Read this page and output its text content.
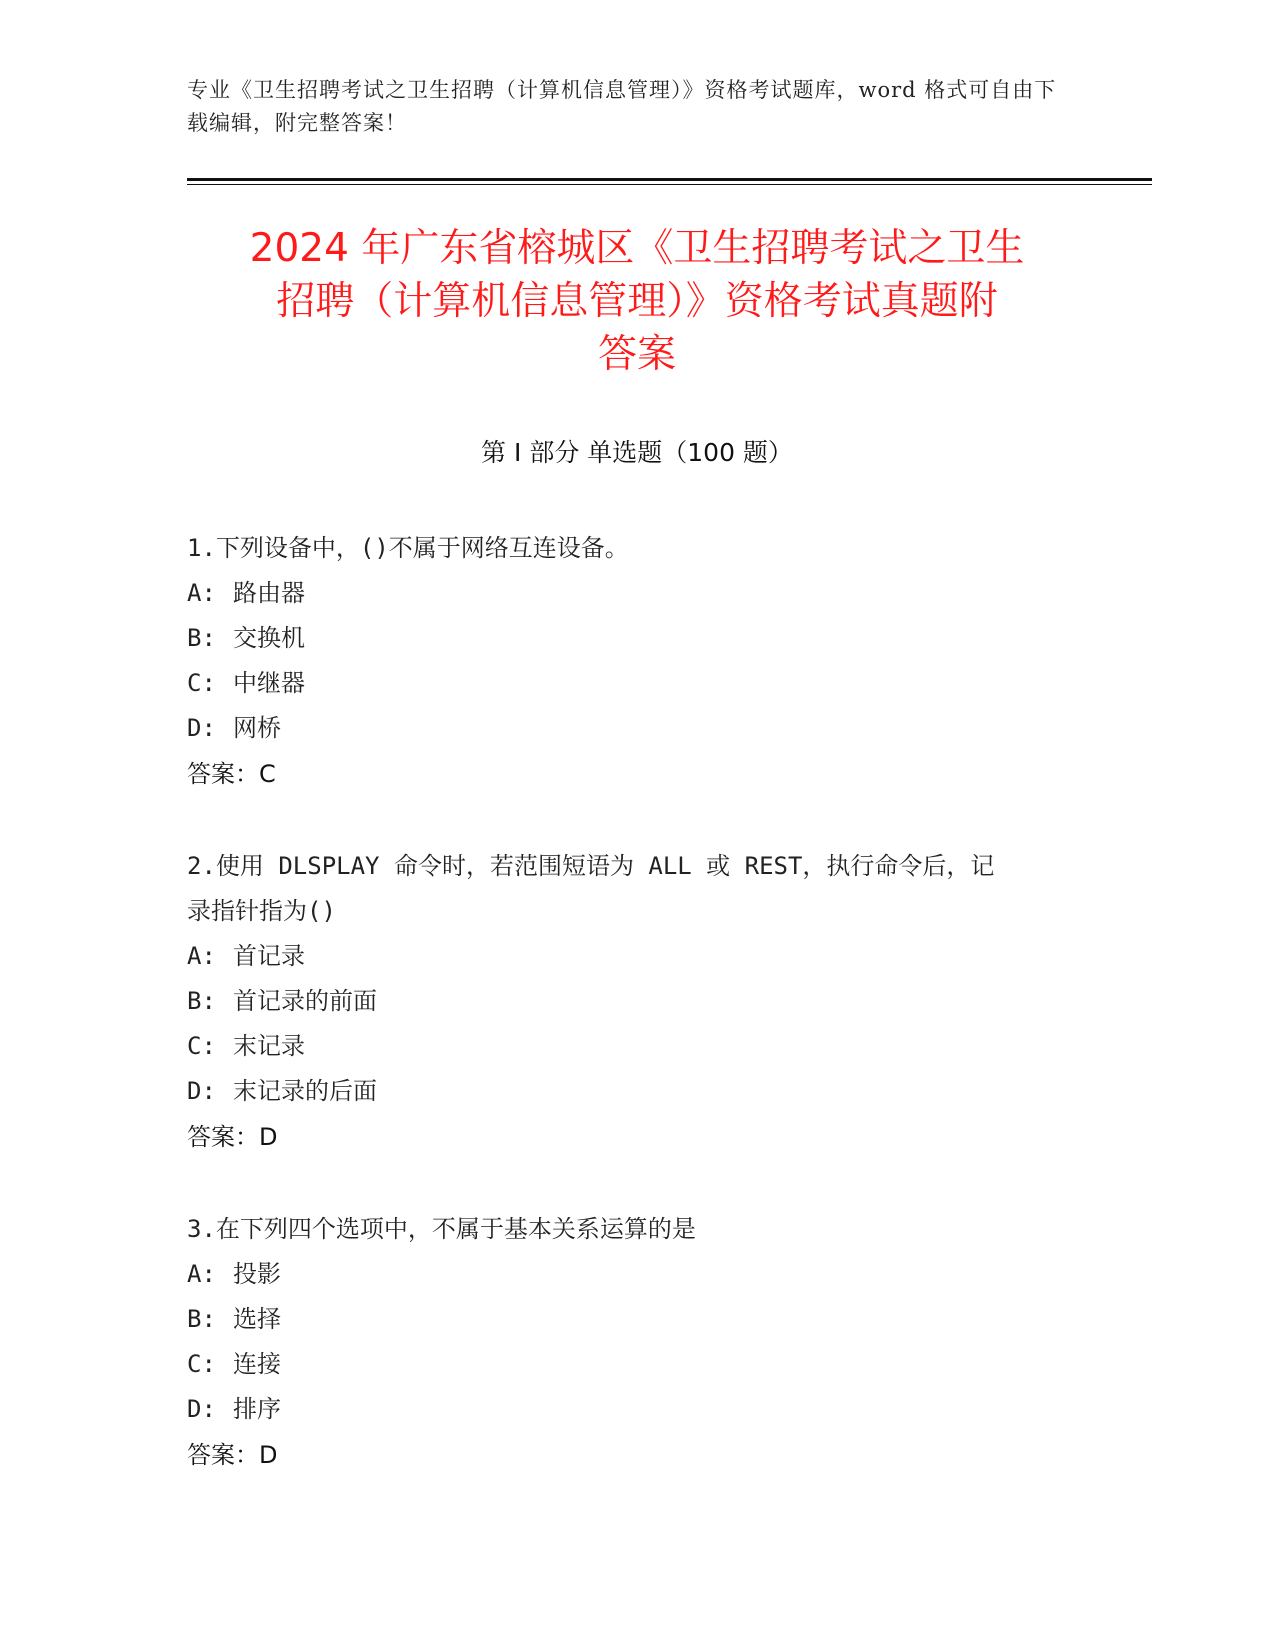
专业《卫生招聘考试之卫生招聘（计算机信息管理）》资格考试题库，word 格式可自由下载编辑，附完整答案！
2024 年广东省榕城区《卫生招聘考试之卫生
招聘（计算机信息管理）》资格考试真题附
答案
第 I 部分 单选题（100 题）
1.下列设备中，()不属于网络互连设备。
A: 路由器
B: 交换机
C: 中继器
D: 网桥
答案：C
2.使用 DLSPLAY 命令时，若范围短语为 ALL 或 REST，执行命令后，记
录指针指为()
A: 首记录
B: 首记录的前面
C: 末记录
D: 末记录的后面
答案：D
3.在下列四个选项中，不属于基本关系运算的是
A: 投影
B: 选择
C: 连接
D: 排序
答案：D
